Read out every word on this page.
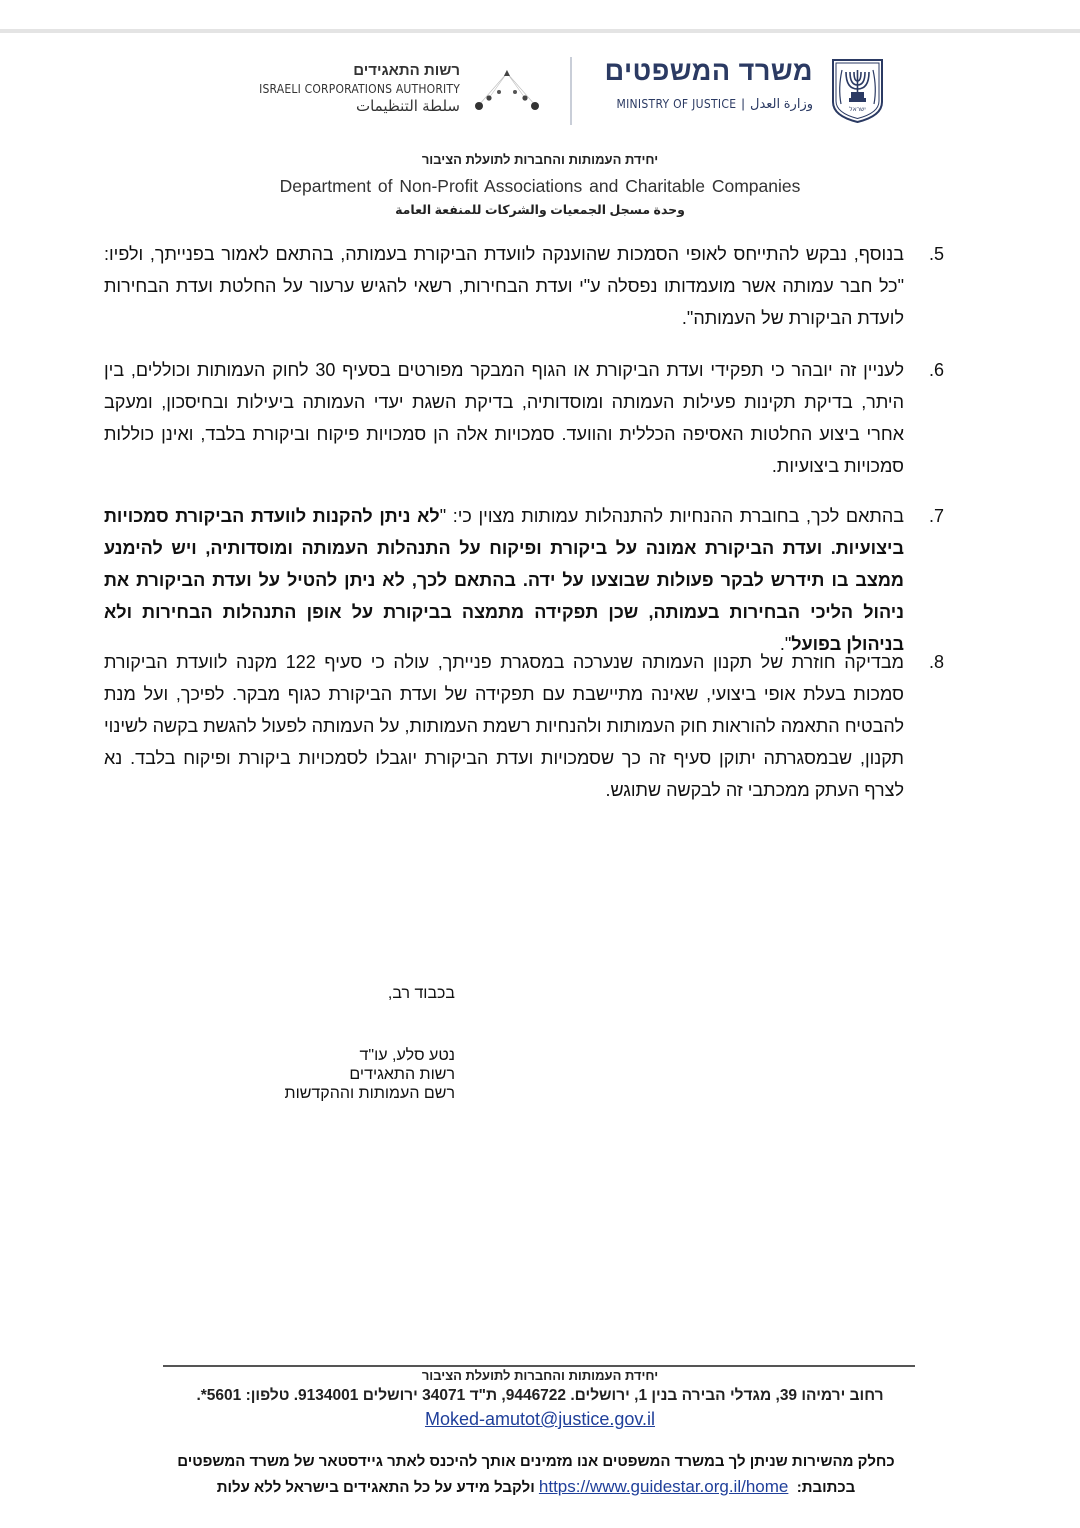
משרד המשפטים
MINISTRY OF JUSTICE | وزارة العدل	ישראל
רשות התאגידים
ISRAELI CORPORATIONS AUTHORITY
سلطة التنظيمات
▲
יחידת העמותות והחברות לתועלת הציבור
Department of Non-Profit Associations and Charitable Companies
وحدة مسجل الجمعيات والشركات للمنفعة العامة
5.
בנוסף, נבקש להתייחס לאופי הסמכות שהוענקה לוועדת הביקורת בעמותה, בהתאם לאמור בפנייתך, ולפיו: "כל חבר עמותה אשר מועמדותו נפסלה ע"י ועדת הבחירות, רשאי להגיש ערעור על החלטת ועדת הבחירות לועדת הביקורת של העמותה".
6.
לעניין זה יובהר כי תפקידי ועדת הביקורת או הגוף המבקר מפורטים בסעיף 30 לחוק העמותות וכוללים, בין היתר, בדיקת תקינות פעילות העמותה ומוסדותיה, בדיקת השגת יעדי העמותה ביעילות ובחיסכון, ומעקב אחרי ביצוע החלטות האסיפה הכללית והוועד. סמכויות אלה הן סמכויות פיקוח וביקורת בלבד, ואינן כוללות סמכויות ביצועיות.
7.
בהתאם לכך, בחוברת ההנחיות להתנהלות עמותות מצוין כי: "לא ניתן להקנות לוועדת הביקורת סמכויות ביצועיות. ועדת הביקורת אמונה על ביקורת ופיקוח על התנהלות העמותה ומוסדותיה, ויש להימנע ממצב בו תידרש לבקר פעולות שבוצעו על ידה. בהתאם לכך, לא ניתן להטיל על ועדת הביקורת את ניהול הליכי הבחירות בעמותה, שכן תפקידה מתמצה בביקורת על אופן התנהלות הבחירות ולא בניהולן בפועל".
8.
מבדיקה חוזרת של תקנון העמותה שנערכה במסגרת פנייתך, עולה כי סעיף 122 מקנה לוועדת הביקורת סמכות בעלת אופי ביצועי, שאינה מתיישבת עם תפקידה של ועדת הביקורת כגוף מבקר. לפיכך, ועל מנת להבטיח התאמה להוראות חוק העמותות ולהנחיות רשמת העמותות, על העמותה לפעול להגשת בקשה לשינוי תקנון, שבמסגרתה יתוקן סעיף זה כך שסמכויות ועדת הביקורת יוגבלו לסמכויות ביקורת ופיקוח בלבד. נא לצרף העתק ממכתבי זה לבקשה שתוגש.
בכבוד רב,
נטע סלע, עו"ד
רשות התאגידים
רשם העמותות וההקדשות
יחידת העמותות והחברות לתועלת הציבור
רחוב ירמיהו 39, מגדלי הבירה בנין 1, ירושלים. 9446722, ת"ד 34071 ירושלים 9134001. טלפון: 5601*.
Moked-amutot@justice.gov.il
כחלק מהשירות שניתן לך במשרד המשפטים אנו מזמינים אותך להיכנס לאתר גיידסטאר של משרד המשפטים
בכתובת:  https://www.guidestar.org.il/home ולקבל מידע על כל התאגידים בישראל ללא עלות
